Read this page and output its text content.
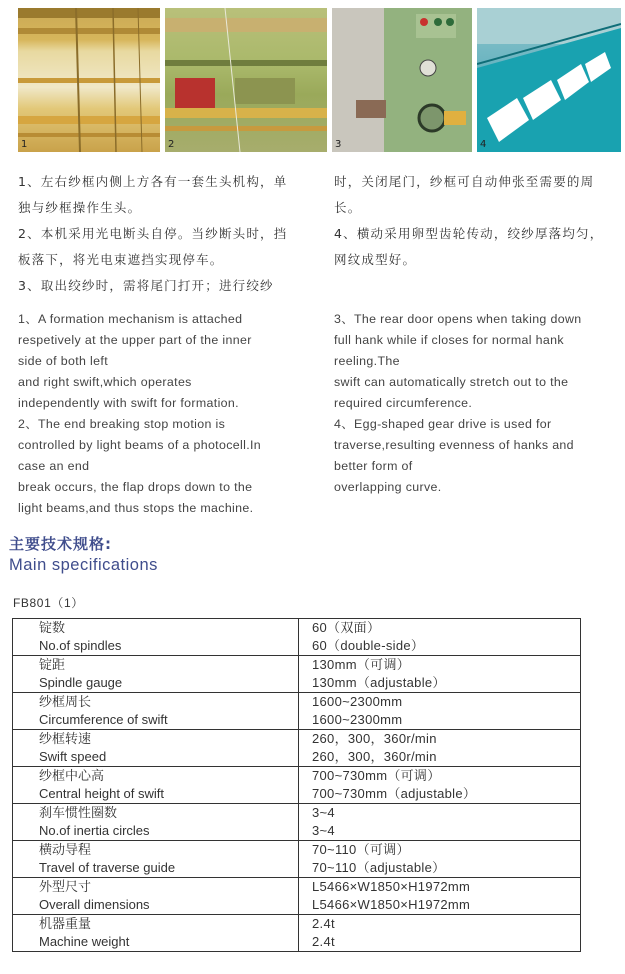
1	2	3	4

1、左右纱框内侧上方各有一套生头机构，单

独与纱框操作生头。

2、本机采用光电断头自停。当纱断头时，挡

板落下，将光电束遮挡实现停车。

3、取出绞纱时，需将尾门打开；进行绞纱

时，关闭尾门，纱框可自动伸张至需要的周

长。

4、横动采用卵型齿轮传动，绞纱厚落均匀，

网纹成型好。

1、A formation mechanism is attached

respetively at the upper part of the inner

side of both left

and right swift,which operates

independently with swift for formation.

2、The end breaking stop motion is

controlled by light beams of a photocell.In

case an end

break occurs, the flap drops down to the

light beams,and thus stops the machine.

3、The rear door opens when taking down

full hank while if closes for normal hank

reeling.The

swift can automatically stretch out to the

required circumference.

4、Egg-shaped gear drive is used for

traverse,resulting evenness of hanks and

better form of

overlapping curve.

主要技术规格:
Main specifications
FB801（1）
锭数
No.of spindles	60（双面）
60（double-side）

锭距
Spindle gauge	130mm（可调）
130mm（adjustable）

纱框周长
Circumference of swift	1600~2300mm
1600~2300mm

纱框转速
Swift speed	260，300，360r/min
260，300，360r/min

纱框中心高
Central height of swift	700~730mm（可调）
700~730mm（adjustable）

刹车惯性圈数
No.of inertia circles	3~4
3~4

横动导程
Travel of traverse guide	70~110（可调）
70~110（adjustable）

外型尺寸
Overall dimensions	L5466×W1850×H1972mm
L5466×W1850×H1972mm

机器重量
Machine weight	2.4t
2.4t
